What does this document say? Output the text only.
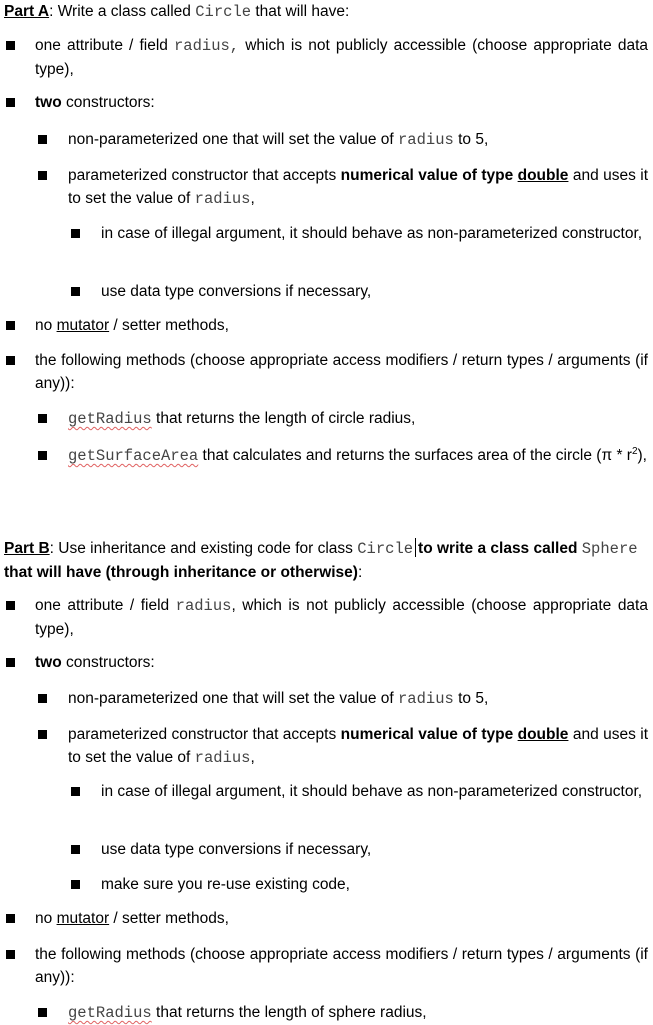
Part A: Write a class called Circle that will have:
one attribute / field radius, which is not publicly accessible (choose appropriate data type),
two constructors:
non-parameterized one that will set the value of radius to 5,
parameterized constructor that accepts numerical value of type double and uses it to set the value of radius,
in case of illegal argument, it should behave as non-parameterized constructor,
use data type conversions if necessary,
no mutator / setter methods,
the following methods (choose appropriate access modifiers / return types / arguments (if any)):
getRadius that returns the length of circle radius,
getSurfaceArea that calculates and returns the surfaces area of the circle $(\pi * r^2)$,
Part B: Use inheritance and existing code for class Circle to write a class called Sphere
that will have (through inheritance or otherwise):
one attribute / field radius, which is not publicly accessible (choose appropriate data type),
two constructors:
non-parameterized one that will set the value of radius to 5,
parameterized constructor that accepts numerical value of type double and uses it to set the value of radius,
in case of illegal argument, it should behave as non-parameterized constructor,
use data type conversions if necessary,
make sure you re-use existing code,
no mutator / setter methods,
the following methods (choose appropriate access modifiers / return types / arguments (if any)):
getRadius that returns the length of sphere radius,
